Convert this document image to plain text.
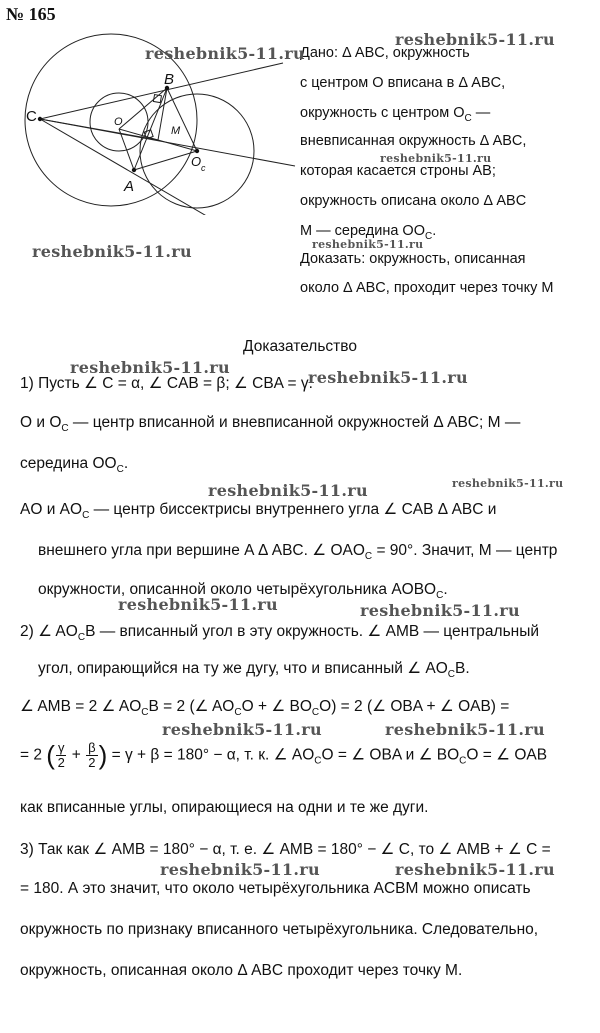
№ 165
C
B
A
O
M
O c
Дано: Δ ABC, окружность
с центром O вписана в Δ ABC,
окружность с центром $O_C$ —
вневписанная окружность Δ ABC,
которая касается строны AB;
окружность описана около Δ ABC
M — середина $OO_C$.
Доказать: окружность, описанная
около Δ ABC, проходит через точку M
Доказательство
1) Пусть ∠ C = α, ∠ CAB = β; ∠ CBA = γ.
O и $O_C$ — центр вписанной и вневписанной окружностей Δ ABC; M —
середина $OO_C$.
AO и $AO_C$ — центр биссектрисы внутреннего угла ∠ CAB Δ ABC и
внешнего угла при вершине A Δ ABC. ∠ $OAO_C = 90^\circ$. Значит, M — центр
окружности, описанной около четырёхугольника $AOBO_C$.
2) ∠ $AO_CB$ — вписанный угол в эту окружность. ∠ AMB — центральный
угол, опирающийся на ту же дугу, что и вписанный ∠ $AO_CB$.
∠ AMB = 2 ∠ $AO_CB = 2$ (∠ $AO_CO$ + ∠ $BO_CO) = 2$ (∠ OBA + ∠ OAB) =
= 2 ( $\frac{\gamma}{2} + \frac{\beta}{2}$ ) = γ + β = 180° − α, т. к. ∠ $AO_CO$ = ∠ OBA и ∠ $BO_CO$ = ∠ OAB
как вписанные углы, опирающиеся на одни и те же дуги.
3) Так как ∠ AMB = 180° − α, т. е. ∠ AMB = 180° − ∠ C, то ∠ AMB + ∠ C =
= 180. А это значит, что около четырёхугольника ACBM можно описать
окружность по признаку вписанного четырёхугольника. Следовательно,
окружность, описанная около Δ ABC проходит через точку M.
reshebnik5-11.ru
reshebnik5-11.ru
reshebnik5-11.ru
reshebnik5-11.ru
reshebnik5-11.ru
reshebnik5-11.ru
reshebnik5-11.ru
reshebnik5-11.ru
reshebnik5-11.ru
reshebnik5-11.ru	reshebnik5-11.ru
reshebnik5-11.ru	reshebnik5-11.ru
reshebnik5-11.ru	reshebnik5-11.ru
